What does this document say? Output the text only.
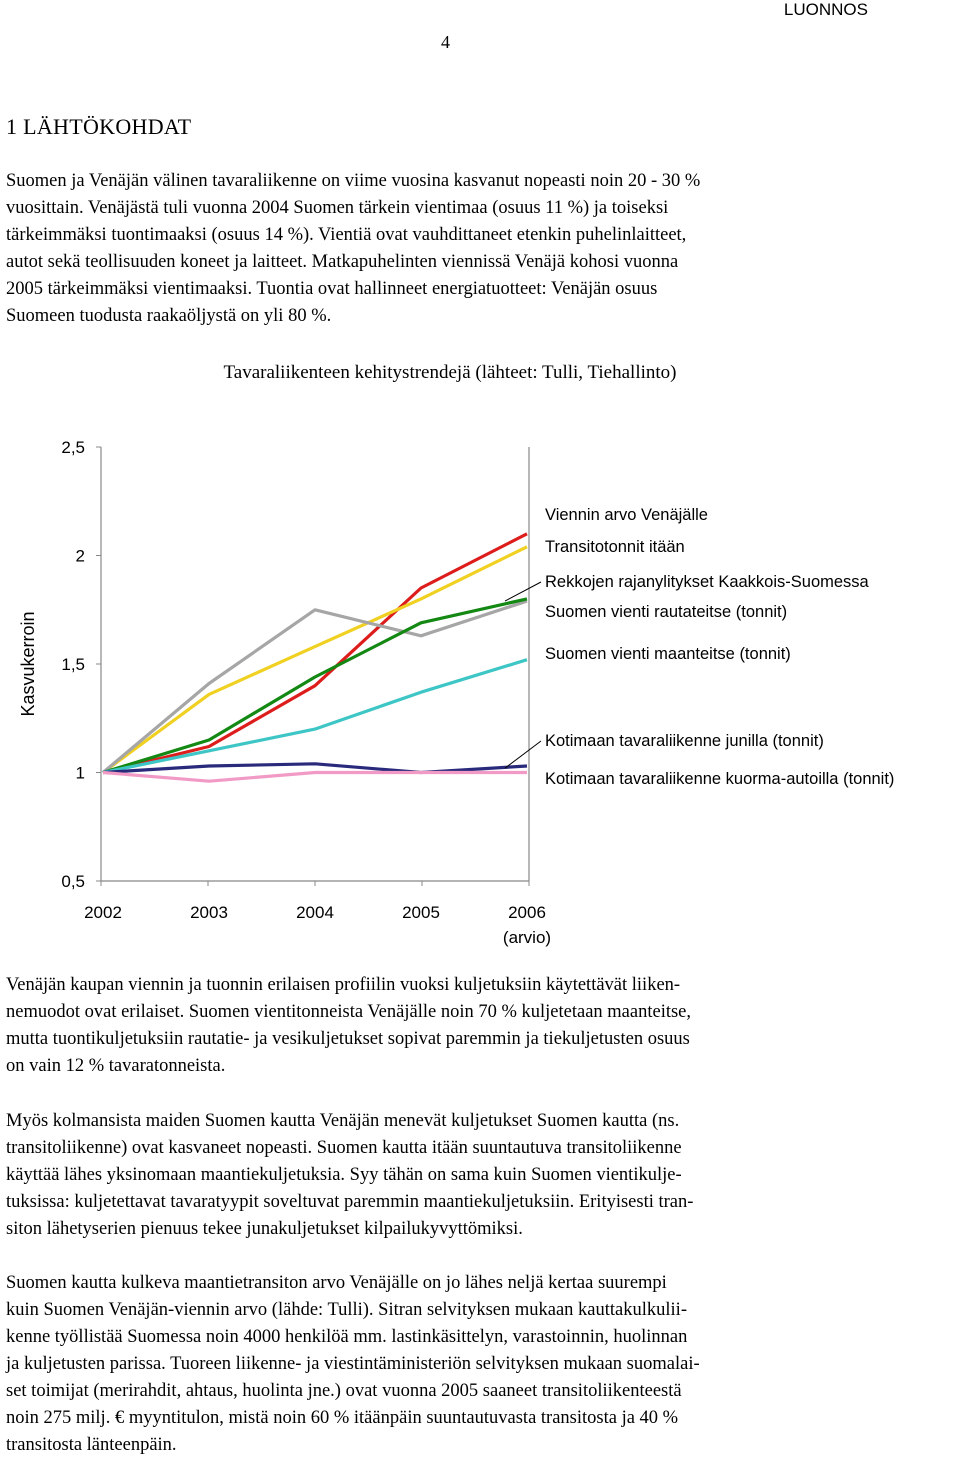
LUONNOS
4
1 LÄHTÖKOHDAT
Suomen ja Venäjän välinen tavaraliikenne on viime vuosina kasvanut nopeasti noin 20 - 30 %
vuosittain. Venäjästä tuli vuonna 2004 Suomen tärkein vientimaa (osuus 11 %) ja toiseksi
tärkeimmäksi tuontimaaksi (osuus 14 %). Vientiä ovat vauhdittaneet etenkin puhelinlaitteet,
autot sekä teollisuuden koneet ja laitteet. Matkapuhelinten viennissä Venäjä kohosi vuonna
2005 tärkeimmäksi vientimaaksi. Tuontia ovat hallinneet energiatuotteet: Venäjän osuus
Suomeen tuodusta raakaöljystä on yli 80 %.
Tavaraliikenteen kehitystrendejä (lähteet: Tulli, Tiehallinto)
Kasvukerroin
0,5
1
1,5
2
2,5
2002	2003	2004	2005	2006
(arvio)
Viennin arvo Venäjälle
Transitotonnit itään
Rekkojen rajanylitykset Kaakkois-Suomessa
Suomen vienti rautateitse (tonnit)
Suomen vienti maanteitse (tonnit)
Kotimaan tavaraliikenne junilla (tonnit)
Kotimaan tavaraliikenne kuorma-autoilla (tonnit)
Venäjän kaupan viennin ja tuonnin erilaisen profiilin vuoksi kuljetuksiin käytettävät liiken-
nemuodot ovat erilaiset. Suomen vientitonneista Venäjälle noin 70 % kuljetetaan maanteitse,
mutta tuontikuljetuksiin rautatie- ja vesikuljetukset sopivat paremmin ja tiekuljetusten osuus
on vain 12 % tavaratonneista.
Myös kolmansista maiden Suomen kautta Venäjän menevät kuljetukset Suomen kautta (ns.
transitoliikenne) ovat kasvaneet nopeasti. Suomen kautta itään suuntautuva transitoliikenne
käyttää lähes yksinomaan maantiekuljetuksia. Syy tähän on sama kuin Suomen vientikulje-
tuksissa: kuljetettavat tavaratyypit soveltuvat paremmin maantiekuljetuksiin. Erityisesti tran-
siton lähetyserien pienuus tekee junakuljetukset kilpailukyvyttömiksi.
Suomen kautta kulkeva maantietransiton arvo Venäjälle on jo lähes neljä kertaa suurempi
kuin Suomen Venäjän-viennin arvo (lähde: Tulli). Sitran selvityksen mukaan kauttakulkulii-
kenne työllistää Suomessa noin 4000 henkilöä mm. lastinkäsittelyn, varastoinnin, huolinnan
ja kuljetusten parissa. Tuoreen liikenne- ja viestintäministeriön selvityksen mukaan suomalai-
set toimijat (merirahdit, ahtaus, huolinta jne.) ovat vuonna 2005 saaneet transitoliikenteestä
noin 275 milj. € myyntitulon, mistä noin 60 % itäänpäin suuntautuvasta transitosta ja 40 %
transitosta länteenpäin.
